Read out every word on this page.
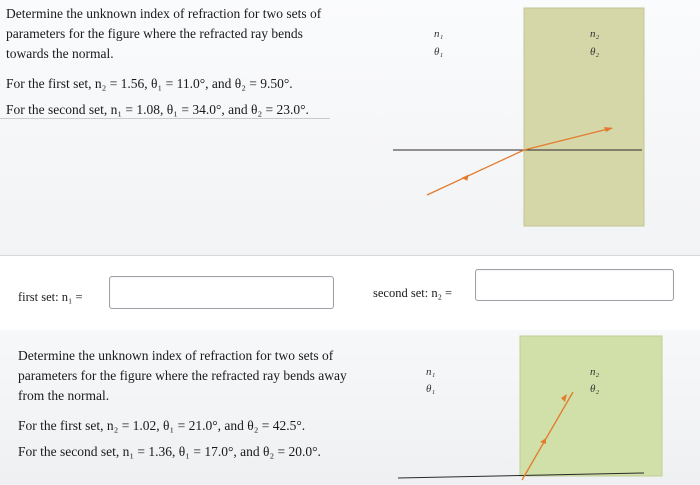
Determine the unknown index of refraction for two sets of

parameters for the figure where the refracted ray bends

towards the normal.

For the first set, n₂ = 1.56, θ₁ = 11.0°, and θ₂ = 9.50°.

For the second set, n₁ = 1.08, θ₁ = 34.0°, and θ₂ = 23.0°.

n₁
θ₁
n₂
θ₂
first set: n₁ =	second set: n₂ =

Determine the unknown index of refraction for two sets of

parameters for the figure where the refracted ray bends away

from the normal.

For the first set, n₂ = 1.02, θ₁ = 21.0°, and θ₂ = 42.5°.

For the second set, n₁ = 1.36, θ₁ = 17.0°, and θ₂ = 20.0°.

n₁
θ₁
n₂
θ₂
